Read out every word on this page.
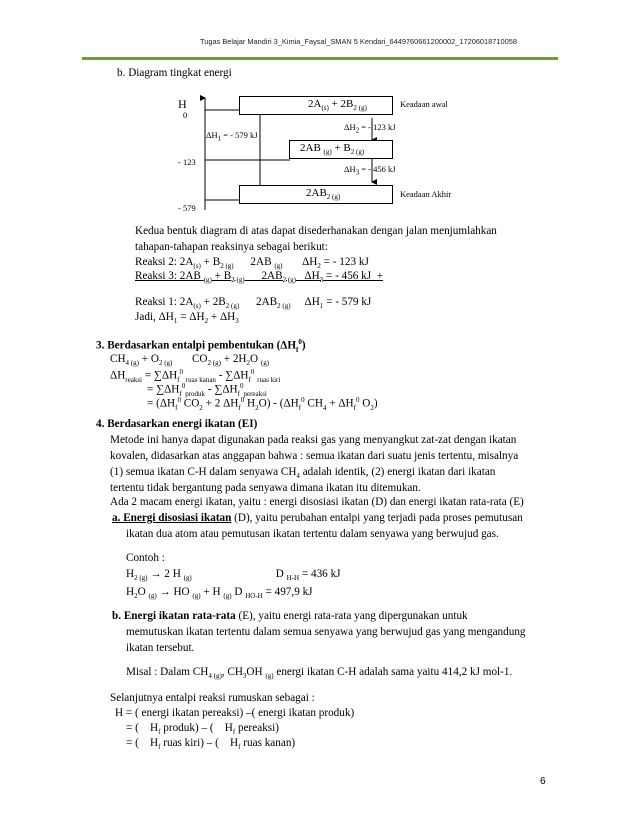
Tugas Belajar Mandiri 3_Kimia_Faysal_SMAN 5 Kendari_6449760661200002_17206018710058
b. Diagram tingkat energi
H
0
- 123
- 579
$2A_{(s)} + 2B_{2 (g)}$	Keadaan awal
2AB $_{(g)} + B_{2 (g)}$
$2AB_{2 (g)}$	Keadaan Akhir
$\Delta H_1$ = - 579 kJ
$\Delta H_2$ = - 123 kJ
$\Delta H_3$ = - 456 kJ
Kedua bentuk diagram di atas dapat disederhanakan dengan jalan menjumlahkan
tahapan-tahapan reaksinya sebagai berikut:
Reaksi 2: $2A_{(s)} + B_{2 (g)}$      2AB $_{(g)}$       $\Delta H_2$ = - 123 kJ
Reaksi 3: 2AB $_{(g)} + B_{2 (g)}$      $2AB_{2 (g)}$   $\Delta H_3$ = - 456 kJ  +
Reaksi 1: $2A_{(s)} + 2B_{2 (g)}$      $2AB_{2 (g)}$     $\Delta H_1$ = - 579 kJ
Jadi, $\Delta H_1 = \Delta H_2 + \Delta H_3$
3. Berdasarkan entalpi pembentukan $(\Delta H_f^0)$
$CH_{4 (g)} + O_{2 (g)}$       $CO_{2 (g)} + 2H_2O$ $_{(g)}$
$\Delta H_{reaksi} = \sum\Delta H_f^0$ $_{ruas kanan} - \sum\Delta H_f^0$ $_{ruas kiri}$
= $\sum\Delta H_f^0_{produk} - \sum\Delta H_f^0_{pereaksi}$
= ($\Delta H_f^0$ $CO_2 + 2$ $\Delta H_f^0$ $H_2O) - (\Delta H_f^0$ $CH_4 + \Delta H_f^0$ $O_2$)
4. Berdasarkan energi ikatan (EI)
Metode ini hanya dapat digunakan pada reaksi gas yang menyangkut zat-zat dengan ikatan
kovalen, didasarkan atas anggapan bahwa : semua ikatan dari suatu jenis tertentu, misalnya
(1) semua ikatan C-H dalam senyawa $CH_4$ adalah identik, (2) energi ikatan dari ikatan
tertentu tidak bergantung pada senyawa dimana ikatan itu ditemukan.
Ada 2 macam energi ikatan, yaitu : energi disosiasi ikatan (D) dan energi ikatan rata-rata (E)
a. Energi disosiasi ikatan (D), yaitu perubahan entalpi yang terjadi pada proses pemutusan
ikatan dua atom atau pemutusan ikatan tertentu dalam senyawa yang berwujud gas.
Contoh :
$H_{2 (g)} \to 2$ H $_{(g)}$	D $_{H-H}$ = 436 kJ
$H_2O$ $_{(g)}$ → HO $_{(g)}$ + H $_{(g)}$ D $_{HO-H}$ = 497,9 kJ
b. Energi ikatan rata-rata (E), yaitu energi rata-rata yang dipergunakan untuk
memutuskan ikatan tertentu dalam semua senyawa yang berwujud gas yang mengandung
ikatan tersebut.
Misal : Dalam $CH_{4 (g)}$, $CH_3OH$ $_{(g)}$ energi ikatan C-H adalah sama yaitu 414,2 kJ mol-1.
Selanjutnya entalpi reaksi rumuskan sebagai :
H = ( energi ikatan pereaksi) –( energi ikatan produk)
= (    $H_f$ produk) – (    $H_f$ pereaksi)
= (    $H_f$ ruas kiri) – (    $H_f$ ruas kanan)
6
